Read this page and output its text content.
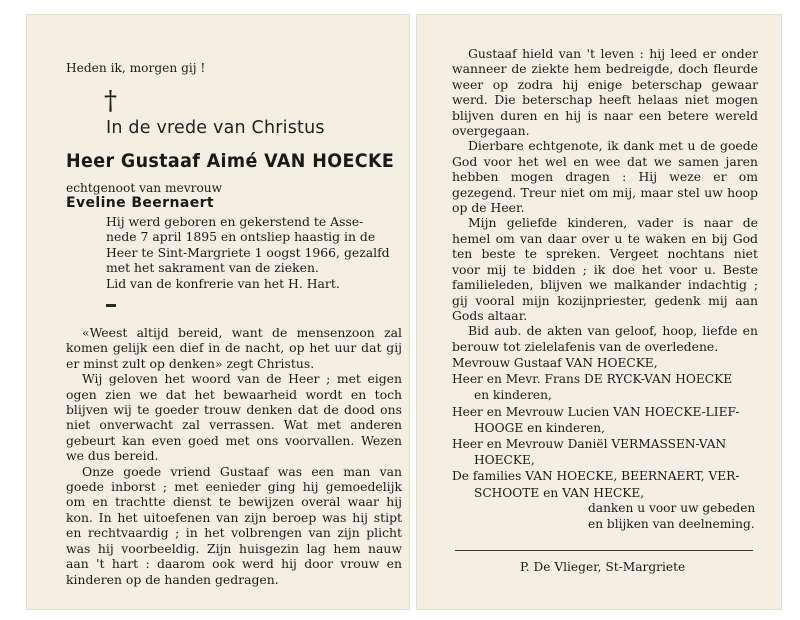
Heden ik, morgen gij !
†
In de vrede van Christus
Heer Gustaaf Aimé VAN HOECKE
echtgenoot van mevrouw
Eveline Beernaert
Hij werd geboren en gekerstend te Asse-
nede 7 april 1895 en ontsliep haastig in de
Heer te Sint-Margriete 1 oogst 1966, gezalfd
met het sakrament van de zieken.
Lid van de konfrerie van het H. Hart.

«Weest altijd bereid, want de mensenzoon zal komen gelijk een dief in de nacht, op het uur dat gij er minst zult op denken» zegt Christus.

Wij geloven het woord van de Heer ; met eigen ogen zien we dat het bewaarheid wordt en toch blijven wij te goeder trouw denken dat de dood ons niet onverwacht zal verrassen. Wat met anderen gebeurt kan even goed met ons voorvallen. Wezen we dus bereid.

Onze goede vriend Gustaaf was een man van goede inborst ; met eenieder ging hij gemoedelijk om en trachtte dienst te bewijzen overal waar hij kon. In het uitoefenen van zijn beroep was hij stipt en rechtvaardig ; in het volbrengen van zijn plicht was hij voorbeeldig. Zijn huisgezin lag hem nauw aan 't hart : daarom ook werd hij door vrouw en kinderen op de handen gedragen.

Gustaaf hield van 't leven : hij leed er onder wanneer de ziekte hem bedreigde, doch fleurde weer op zodra hij enige beterschap gewaar werd. Die beterschap heeft helaas niet mogen blijven duren en hij is naar een betere wereld overgegaan.

Dierbare echtgenote, ik dank met u de goede God voor het wel en wee dat we samen jaren hebben mogen dragen : Hij weze er om gezegend. Treur niet om mij, maar stel uw hoop op de Heer.

Mijn geliefde kinderen, vader is naar de hemel om van daar over u te waken en bij God ten beste te spreken. Vergeet nochtans niet voor mij te bidden ; ik doe het voor u. Beste familieleden, blijven we malkander indachtig ; gij vooral mijn kozijnpriester, gedenk mij aan Gods altaar.

Bid aub. de akten van geloof, hoop, liefde en berouw tot zielelafenis van de overledene.

Mevrouw Gustaaf VAN HOECKE,
Heer en Mevr. Frans DE RYCK-VAN HOECKE
en kinderen,
Heer en Mevrouw Lucien VAN HOECKE-LIEF-
HOOGE en kinderen,
Heer en Mevrouw Daniël VERMASSEN-VAN
HOECKE,
De families VAN HOECKE, BEERNAERT, VER-
SCHOOTE en VAN HECKE,
danken u voor uw gebeden
en blijken van deelneming.
P. De Vlieger, St-Margriete
